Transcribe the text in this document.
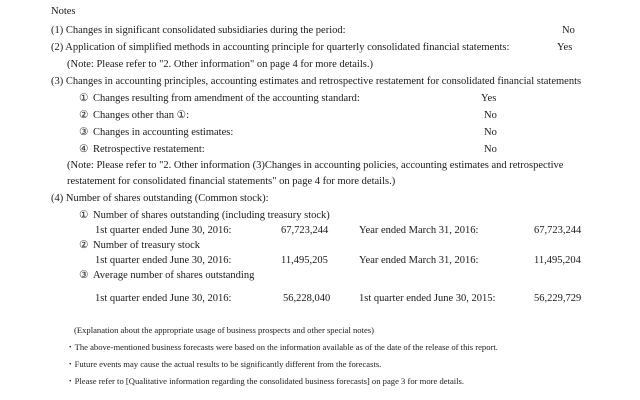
Notes
(1) Changes in significant consolidated subsidiaries during the period:	No
(2) Application of simplified methods in accounting principle for quarterly consolidated financial statements:	Yes
(Note: Please refer to "2. Other information" on page 4 for more details.)
(3) Changes in accounting principles, accounting estimates and retrospective restatement for consolidated financial statements
① Changes resulting from amendment of the accounting standard:	Yes
② Changes other than ①:	No
③ Changes in accounting estimates:	No
④ Retrospective restatement:	No
(Note: Please refer to "2. Other information (3)Changes in accounting policies, accounting estimates and retrospective
restatement for consolidated financial statements" on page 4 for more details.)
(4) Number of shares outstanding (Common stock):
① Number of shares outstanding (including treasury stock)
1st quarter ended June 30, 2016:	67,723,244	Year ended March 31, 2016:	67,723,244
② Number of treasury stock
1st quarter ended June 30, 2016:	11,495,205	Year ended March 31, 2016:	11,495,204
③ Average number of shares outstanding
1st quarter ended June 30, 2016:	56,228,040	1st quarter ended June 30, 2015:	56,229,729
(Explanation about the appropriate usage of business prospects and other special notes)
・The above-mentioned business forecasts were based on the information available as of the date of the release of this report.
・Future events may cause the actual results to be significantly different from the forecasts.
・Please refer to [Qualitative information regarding the consolidated business forecasts] on page 3 for more details.
